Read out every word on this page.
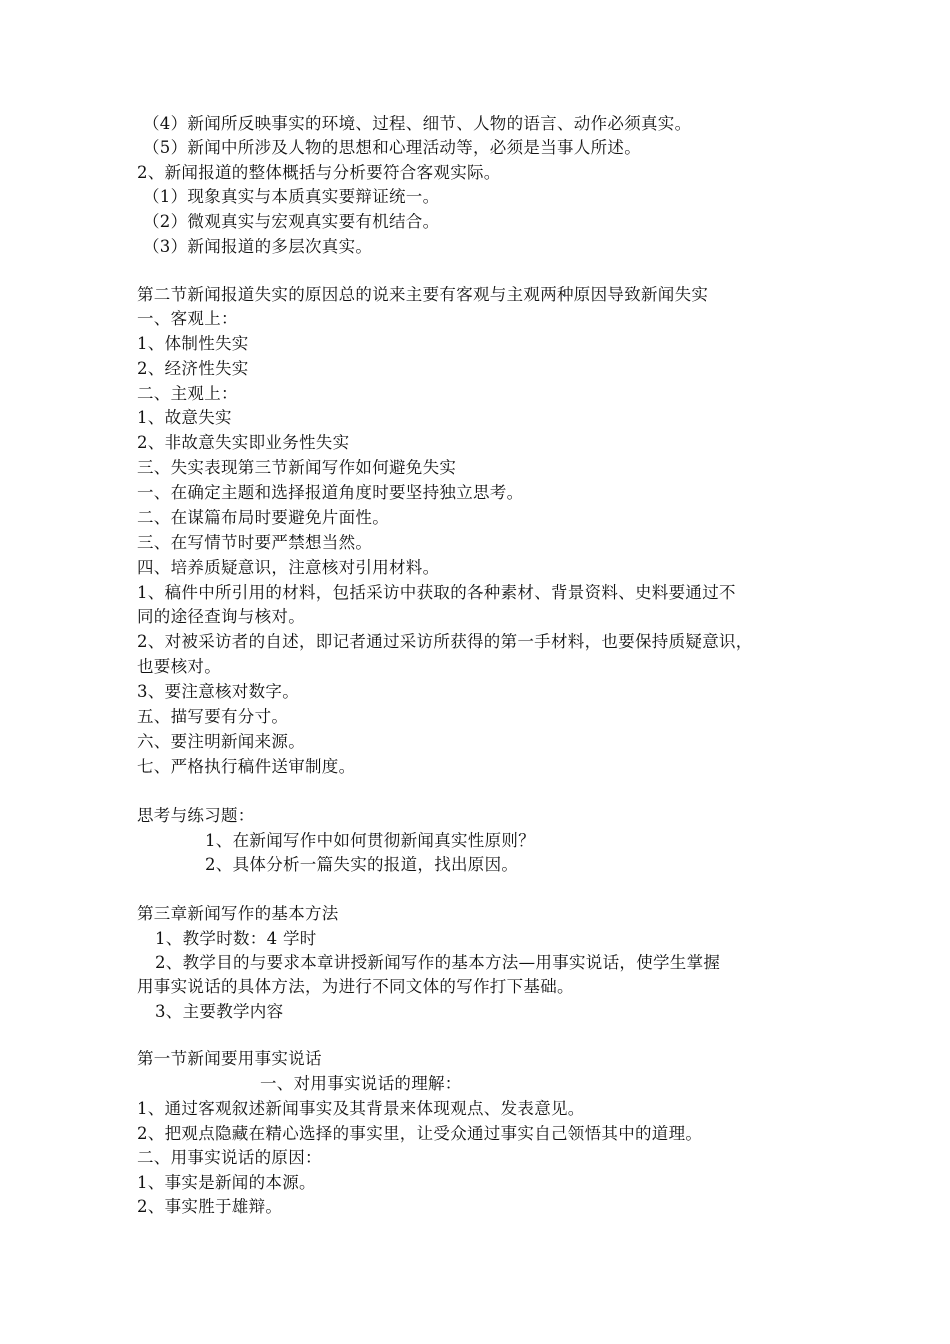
（4）新闻所反映事实的环境、过程、细节、人物的语言、动作必须真实。
（5）新闻中所涉及人物的思想和心理活动等，必须是当事人所述。
2、新闻报道的整体概括与分析要符合客观实际。
（1）现象真实与本质真实要辩证统一。
（2）微观真实与宏观真实要有机结合。
（3）新闻报道的多层次真实。
第二节新闻报道失实的原因总的说来主要有客观与主观两种原因导致新闻失实
一、客观上：
1、体制性失实
2、经济性失实
二、主观上：
1、故意失实
2、非故意失实即业务性失实
三、失实表现第三节新闻写作如何避免失实
一、在确定主题和选择报道角度时要坚持独立思考。
二、在谋篇布局时要避免片面性。
三、在写情节时要严禁想当然。
四、培养质疑意识，注意核对引用材料。
1、稿件中所引用的材料，包括采访中获取的各种素材、背景资料、史料要通过不
同的途径查询与核对。
2、对被采访者的自述，即记者通过采访所获得的第一手材料，也要保持质疑意识，
也要核对。
3、要注意核对数字。
五、描写要有分寸。
六、要注明新闻来源。
七、严格执行稿件送审制度。
思考与练习题：
1、在新闻写作中如何贯彻新闻真实性原则？
2、具体分析一篇失实的报道，找出原因。
第三章新闻写作的基本方法
1、教学时数：4 学时
2、教学目的与要求本章讲授新闻写作的基本方法—用事实说话，使学生掌握
用事实说话的具体方法，为进行不同文体的写作打下基础。
3、主要教学内容
第一节新闻要用事实说话
一、对用事实说话的理解：
1、通过客观叙述新闻事实及其背景来体现观点、发表意见。
2、把观点隐藏在精心选择的事实里，让受众通过事实自己领悟其中的道理。
二、用事实说话的原因：
1、事实是新闻的本源。
2、事实胜于雄辩。
